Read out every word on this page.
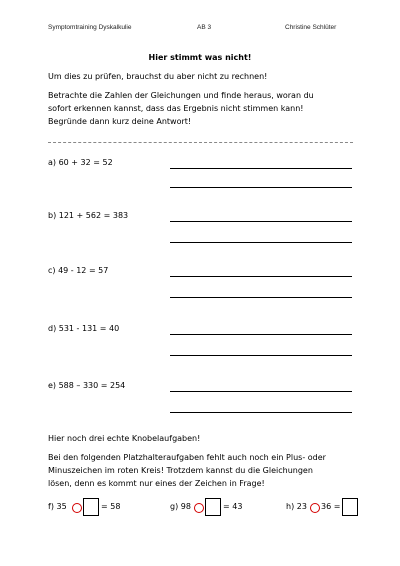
Symptomtraining Dyskalkulie	AB 3	Christine Schlüter
Hier stimmt was nicht!
Um dies zu prüfen, brauchst du aber nicht zu rechnen!
Betrachte die Zahlen der Gleichungen und finde heraus, woran du
sofort erkennen kannst, dass das Ergebnis nicht stimmen kann!
Begründe dann kurz deine Antwort!
a) 60 + 32 = 52
b) 121 + 562 = 383
c) 49 - 12 = 57
d) 531 - 131 = 40
e) 588 – 330 = 254
Hier noch drei echte Knobelaufgaben!
Bei den folgenden Platzhalteraufgaben fehlt auch noch ein Plus- oder
Minuszeichen im roten Kreis! Trotzdem kannst du die Gleichungen
lösen, denn es kommt nur eines der Zeichen in Frage!
f) 35	= 58	g) 98	= 43	h) 23 36 =
